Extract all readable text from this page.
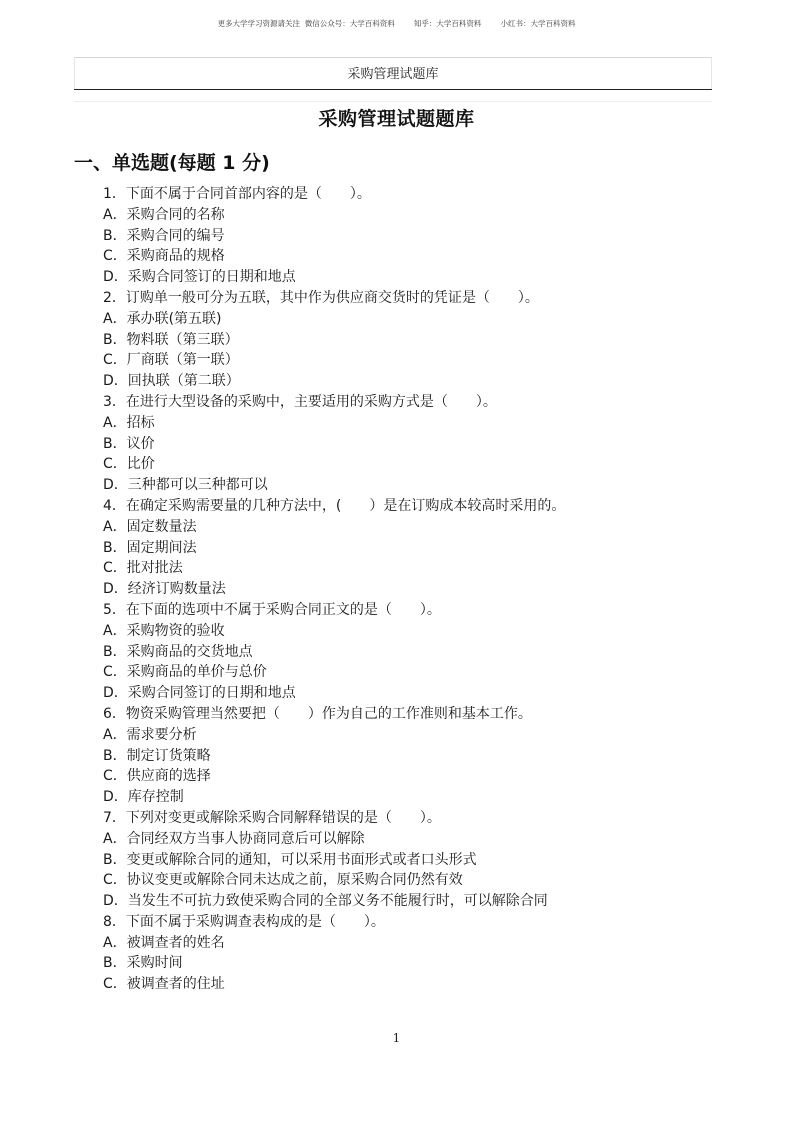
更多大学学习资源请关注  微信公众号：大学百科资料        知乎：大学百科资料        小红书：大学百科资料
采购管理试题库
采购管理试题题库
一、单选题(每题 1 分)
1．下面不属于合同首部内容的是（　　）。
A．采购合同的名称
B．采购合同的编号
C．采购商品的规格
D．采购合同签订的日期和地点
2．订购单一般可分为五联，其中作为供应商交货时的凭证是（　　）。
A．承办联(第五联)
B．物料联（第三联）
C．厂商联（第一联）
D．回执联（第二联）
3．在进行大型设备的采购中，主要适用的采购方式是（　　）。
A．招标
B．议价
C．比价
D．三种都可以三种都可以
4．在确定采购需要量的几种方法中，(　　）是在订购成本较高时采用的。
A．固定数量法
B．固定期间法
C．批对批法
D．经济订购数量法
5．在下面的选项中不属于采购合同正文的是（　　）。
A．采购物资的验收
B．采购商品的交货地点
C．采购商品的单价与总价
D．采购合同签订的日期和地点
6．物资采购管理当然要把（　　）作为自己的工作准则和基本工作。
A．需求要分析
B．制定订货策略
C．供应商的选择
D．库存控制
7．下列对变更或解除采购合同解释错误的是（　　）。
A．合同经双方当事人协商同意后可以解除
B．变更或解除合同的通知，可以采用书面形式或者口头形式
C．协议变更或解除合同未达成之前，原采购合同仍然有效
D．当发生不可抗力致使采购合同的全部义务不能履行时，可以解除合同
8．下面不属于采购调查表构成的是（　　）。
A．被调查者的姓名
B．采购时间
C．被调查者的住址
1
